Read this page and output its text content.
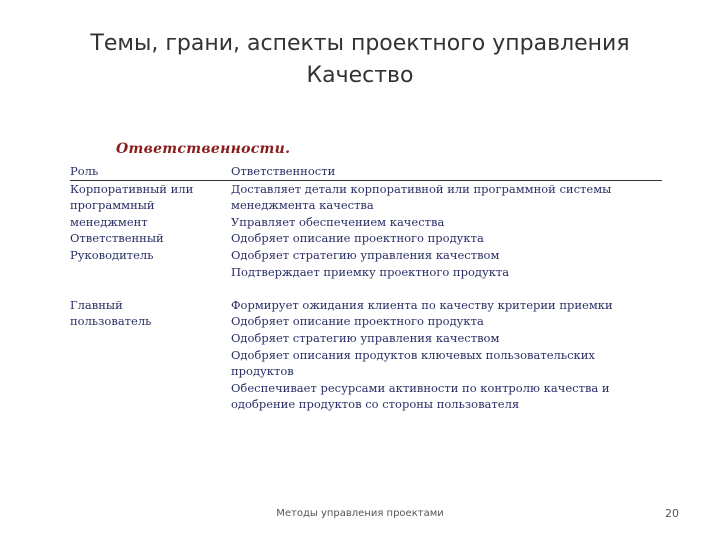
Темы, грани, аспекты проектного управления
Качество
Ответственности.
Роль	Ответственности
Корпоративный или
программный
менеджмент
Доставляет детали корпоративной или программной системы
менеджмента качества
Управляет обеспечением качества
Ответственный
Руководитель

Одобряет описание проектного продукта
Одобряет стратегию управления качеством
Подтверждает приемку проектного продукта

Главный
пользователь
Формирует ожидания клиента по качеству критерии приемки
Одобряет описание проектного продукта
Одобряет стратегию управления качеством
Одобряет описания продуктов ключевых пользовательских
продуктов
Обеспечивает ресурсами активности по контролю качества и
одобрение продуктов со стороны пользователя
Методы управления проектами	20
